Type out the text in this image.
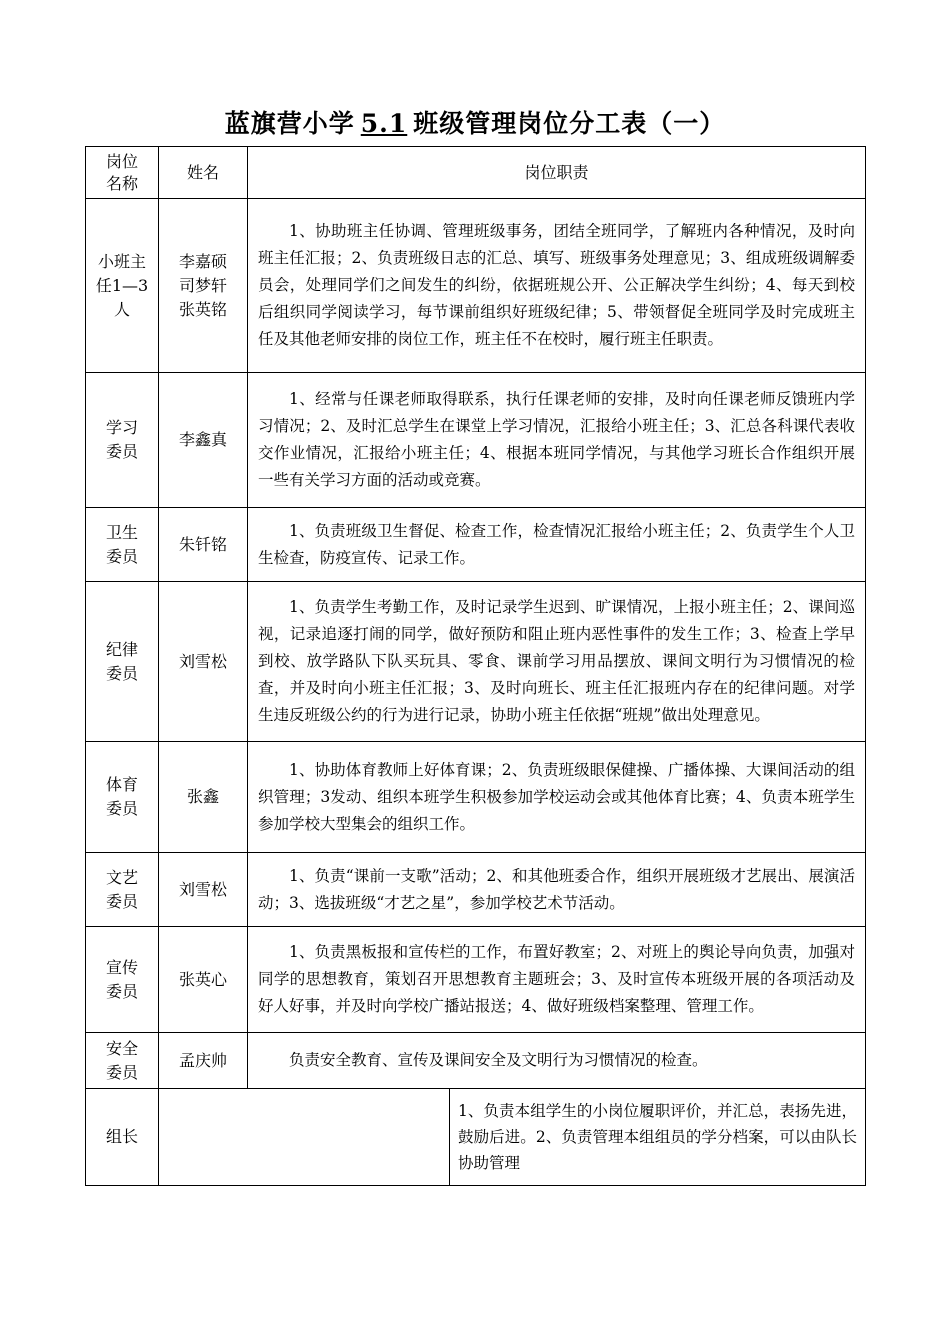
蓝旗营小学 5.1 班级管理岗位分工表（一）
岗位名称	姓名	岗位职责	
小班主任1—3人	李嘉硕司梦轩张英铭	1、协助班主任协调、管理班级事务，团结全班同学，了解班内各种情况，及时向班主任汇报；2、负责班级日志的汇总、填写、班级事务处理意见；3、组成班级调解委员会，处理同学们之间发生的纠纷，依据班规公开、公正解决学生纠纷；4、每天到校后组织同学阅读学习，每节课前组织好班级纪律；5、带领督促全班同学及时完成班主任及其他老师安排的岗位工作，班主任不在校时，履行班主任职责。	

学习委员	李鑫真	1、经常与任课老师取得联系，执行任课老师的安排，及时向任课老师反馈班内学习情况；2、及时汇总学生在课堂上学习情况，汇报给小班主任；3、汇总各科课代表收交作业情况，汇报给小班主任；4、根据本班同学情况，与其他学习班长合作组织开展一些有关学习方面的活动或竞赛。	

卫生委员	朱钎铭	1、负责班级卫生督促、检查工作，检查情况汇报给小班主任；2、负责学生个人卫生检查，防疫宣传、记录工作。	

纪律委员	刘雪松	1、负责学生考勤工作，及时记录学生迟到、旷课情况，上报小班主任；2、课间巡视，记录追逐打闹的同学，做好预防和阻止班内恶性事件的发生工作；3、检查上学早到校、放学路队下队买玩具、零食、课前学习用品摆放、课间文明行为习惯情况的检查，并及时向小班主任汇报；3、及时向班长、班主任汇报班内存在的纪律问题。对学生违反班级公约的行为进行记录，协助小班主任依据“班规”做出处理意见。	

体育委员	张鑫	1、协助体育教师上好体育课；2、负责班级眼保健操、广播体操、大课间活动的组织管理；3发动、组织本班学生积极参加学校运动会或其他体育比赛；4、负责本班学生参加学校大型集会的组织工作。	

文艺委员	刘雪松	1、负责“课前一支歌”活动；2、和其他班委合作，组织开展班级才艺展出、展演活动；3、选拔班级“才艺之星”，参加学校艺术节活动。	

宣传委员	张英心	1、负责黑板报和宣传栏的工作，布置好教室；2、对班上的舆论导向负责，加强对同学的思想教育，策划召开思想教育主题班会；3、及时宣传本班级开展的各项活动及好人好事，并及时向学校广播站报送；4、做好班级档案整理、管理工作。	

安全委员	孟庆帅	负责安全教育、宣传及课间安全及文明行为习惯情况的检查。	

组长			1、负责本组学生的小岗位履职评价，并汇总，表扬先进，鼓励后进。2、负责管理本组组员的学分档案，可以由队长协助管理
